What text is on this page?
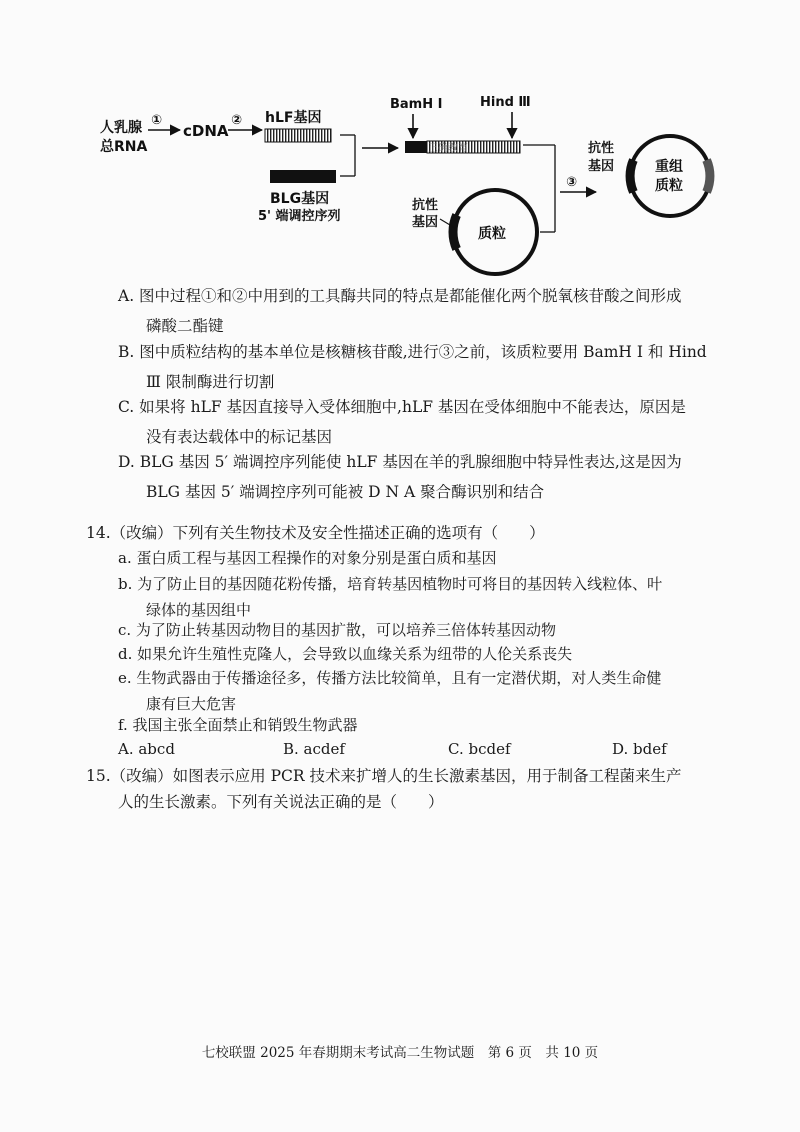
人乳腺
总RNA
①
cDNA
② hLF基因
BLG基因
5' 端调控序列
BamH Ⅰ	Hind Ⅲ
正确教育
抗性
基因
质粒
③
抗性
基因	重组
质粒
A. 图中过程①和②中用到的工具酶共同的特点是都能催化两个脱氧核苷酸之间形成
磷酸二酯键
B. 图中质粒结构的基本单位是核糖核苷酸,进行③之前，该质粒要用 BamH Ⅰ 和 Hind
Ⅲ 限制酶进行切割
C. 如果将 hLF 基因直接导入受体细胞中,hLF 基因在受体细胞中不能表达，原因是
没有表达载体中的标记基因
D. BLG 基因 5′ 端调控序列能使 hLF 基因在羊的乳腺细胞中特异性表达,这是因为
BLG 基因 5′ 端调控序列可能被 D N A 聚合酶识别和结合
14.（改编）下列有关生物技术及安全性描述正确的选项有（　　）
a. 蛋白质工程与基因工程操作的对象分别是蛋白质和基因
b. 为了防止目的基因随花粉传播，培育转基因植物时可将目的基因转入线粒体、叶
绿体的基因组中
c. 为了防止转基因动物目的基因扩散，可以培养三倍体转基因动物
d. 如果允许生殖性克隆人，会导致以血缘关系为纽带的人伦关系丧失
e. 生物武器由于传播途径多，传播方法比较简单，且有一定潜伏期，对人类生命健
康有巨大危害
f. 我国主张全面禁止和销毁生物武器
A. abcd	B. acdef	C. bcdef	D. bdef
15.（改编）如图表示应用 PCR 技术来扩增人的生长激素基因，用于制备工程菌来生产
人的生长激素。下列有关说法正确的是（　　）
七校联盟 2025 年春期期末考试高二生物试题　第 6 页　共 10 页
